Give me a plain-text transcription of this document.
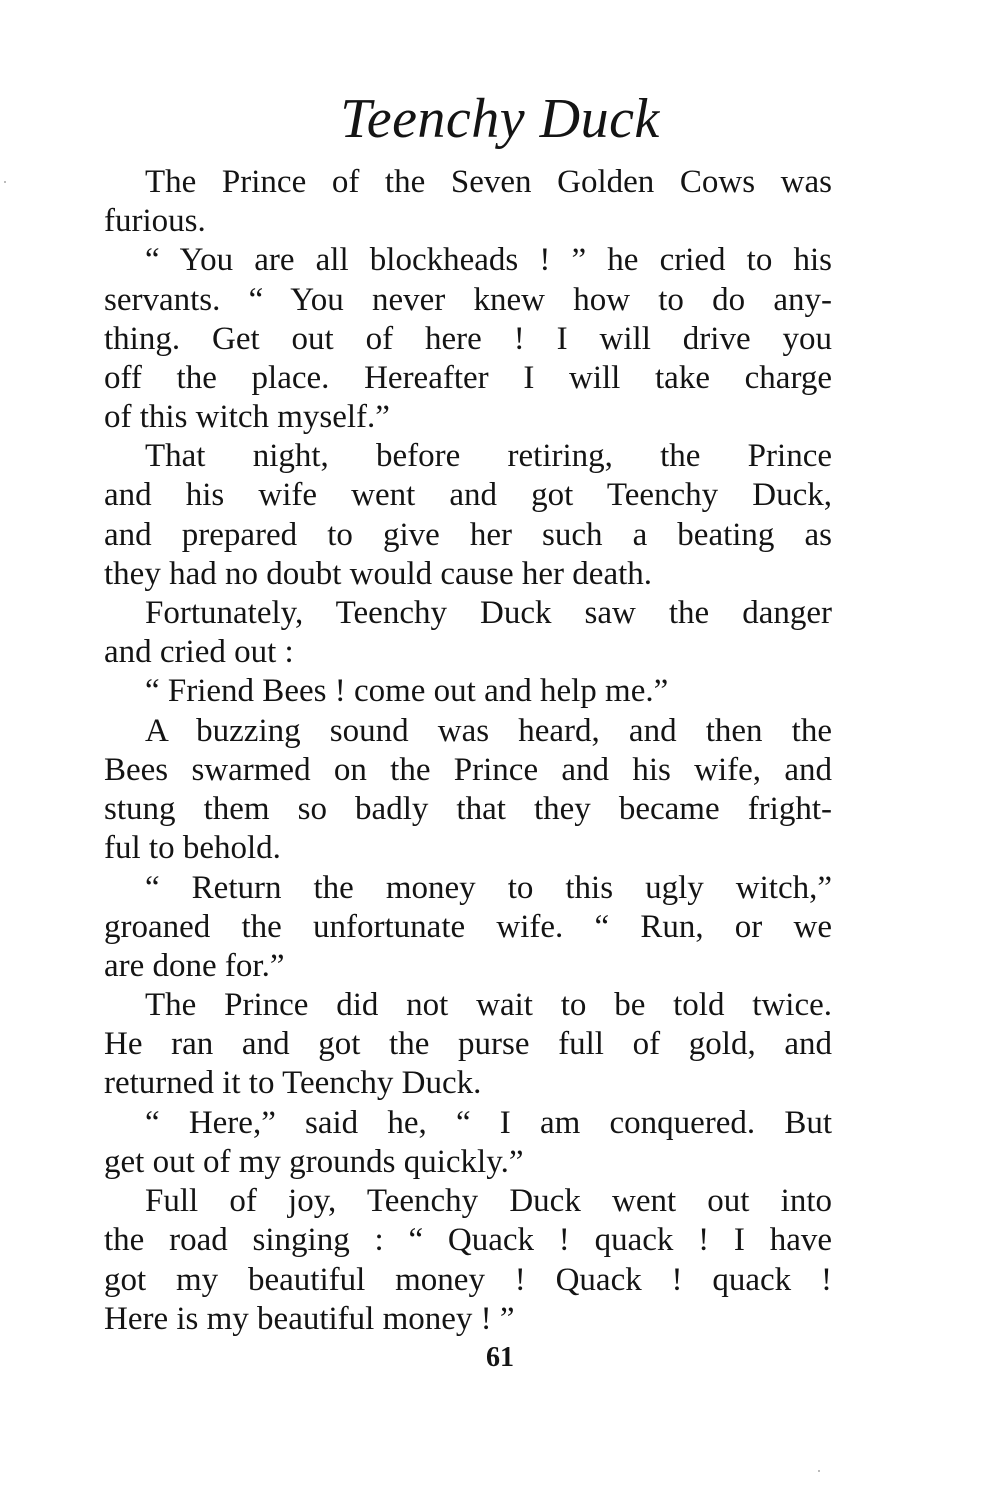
Teenchy Duck
The Prince of the Seven Golden Cows was
furious.
“ You are all blockheads ! ” he cried to his
servants. “ You never knew how to do any-
thing. Get out of here ! I will drive you
off the place. Hereafter I will take charge
of this witch myself.”
That night, before retiring, the Prince
and his wife went and got Teenchy Duck,
and prepared to give her such a beating as
they had no doubt would cause her death.
Fortunately, Teenchy Duck saw the danger
and cried out :
“ Friend Bees ! come out and help me.”
A buzzing sound was heard, and then the
Bees swarmed on the Prince and his wife, and
stung them so badly that they became fright-
ful to behold.
“ Return the money to this ugly witch,”
groaned the unfortunate wife. “ Run, or we
are done for.”
The Prince did not wait to be told twice.
He ran and got the purse full of gold, and
returned it to Teenchy Duck.
“ Here,” said he, “ I am conquered. But
get out of my grounds quickly.”
Full of joy, Teenchy Duck went out into
the road singing : “ Quack ! quack ! I have
got my beautiful money ! Quack ! quack !
Here is my beautiful money ! ”
61
